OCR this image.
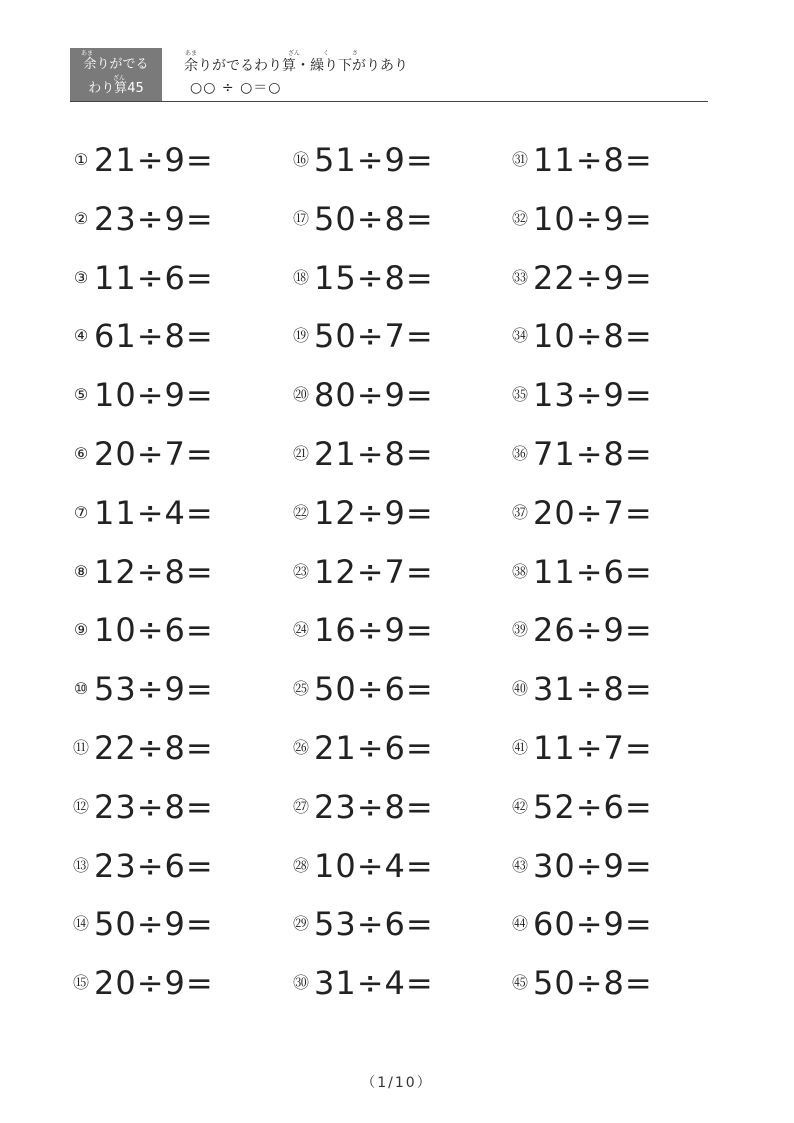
あま
余りがでる
ざん
わり算45
あま	ざん	く	さ
余りがでるわり算・繰り下がりあり
○○ ÷ ○＝○
① 21÷9=
② 23÷9=
③ 11÷6=
④ 61÷8=
⑤ 10÷9=
⑥ 20÷7=
⑦ 11÷4=
⑧ 12÷8=
⑨ 10÷6=
⑩ 53÷9=
⑪ 22÷8=
⑫ 23÷8=
⑬ 23÷6=
⑭ 50÷9=
⑮ 20÷9=
⑯ 51÷9=
⑰ 50÷8=
⑱ 15÷8=
⑲ 50÷7=
⑳ 80÷9=
㉑ 21÷8=
㉒ 12÷9=
㉓ 12÷7=
㉔ 16÷9=
㉕ 50÷6=
㉖ 21÷6=
㉗ 23÷8=
㉘ 10÷4=
㉙ 53÷6=
㉚ 31÷4=
㉛ 11÷8=
㉜ 10÷9=
㉝ 22÷9=
㉞ 10÷8=
㉟ 13÷9=
㊱ 71÷8=
㊲ 20÷7=
㊳ 11÷6=
㊴ 26÷9=
㊵ 31÷8=
㊶ 11÷7=
㊷ 52÷6=
㊸ 30÷9=
㊹ 60÷9=
㊺ 50÷8=
（1/10）
